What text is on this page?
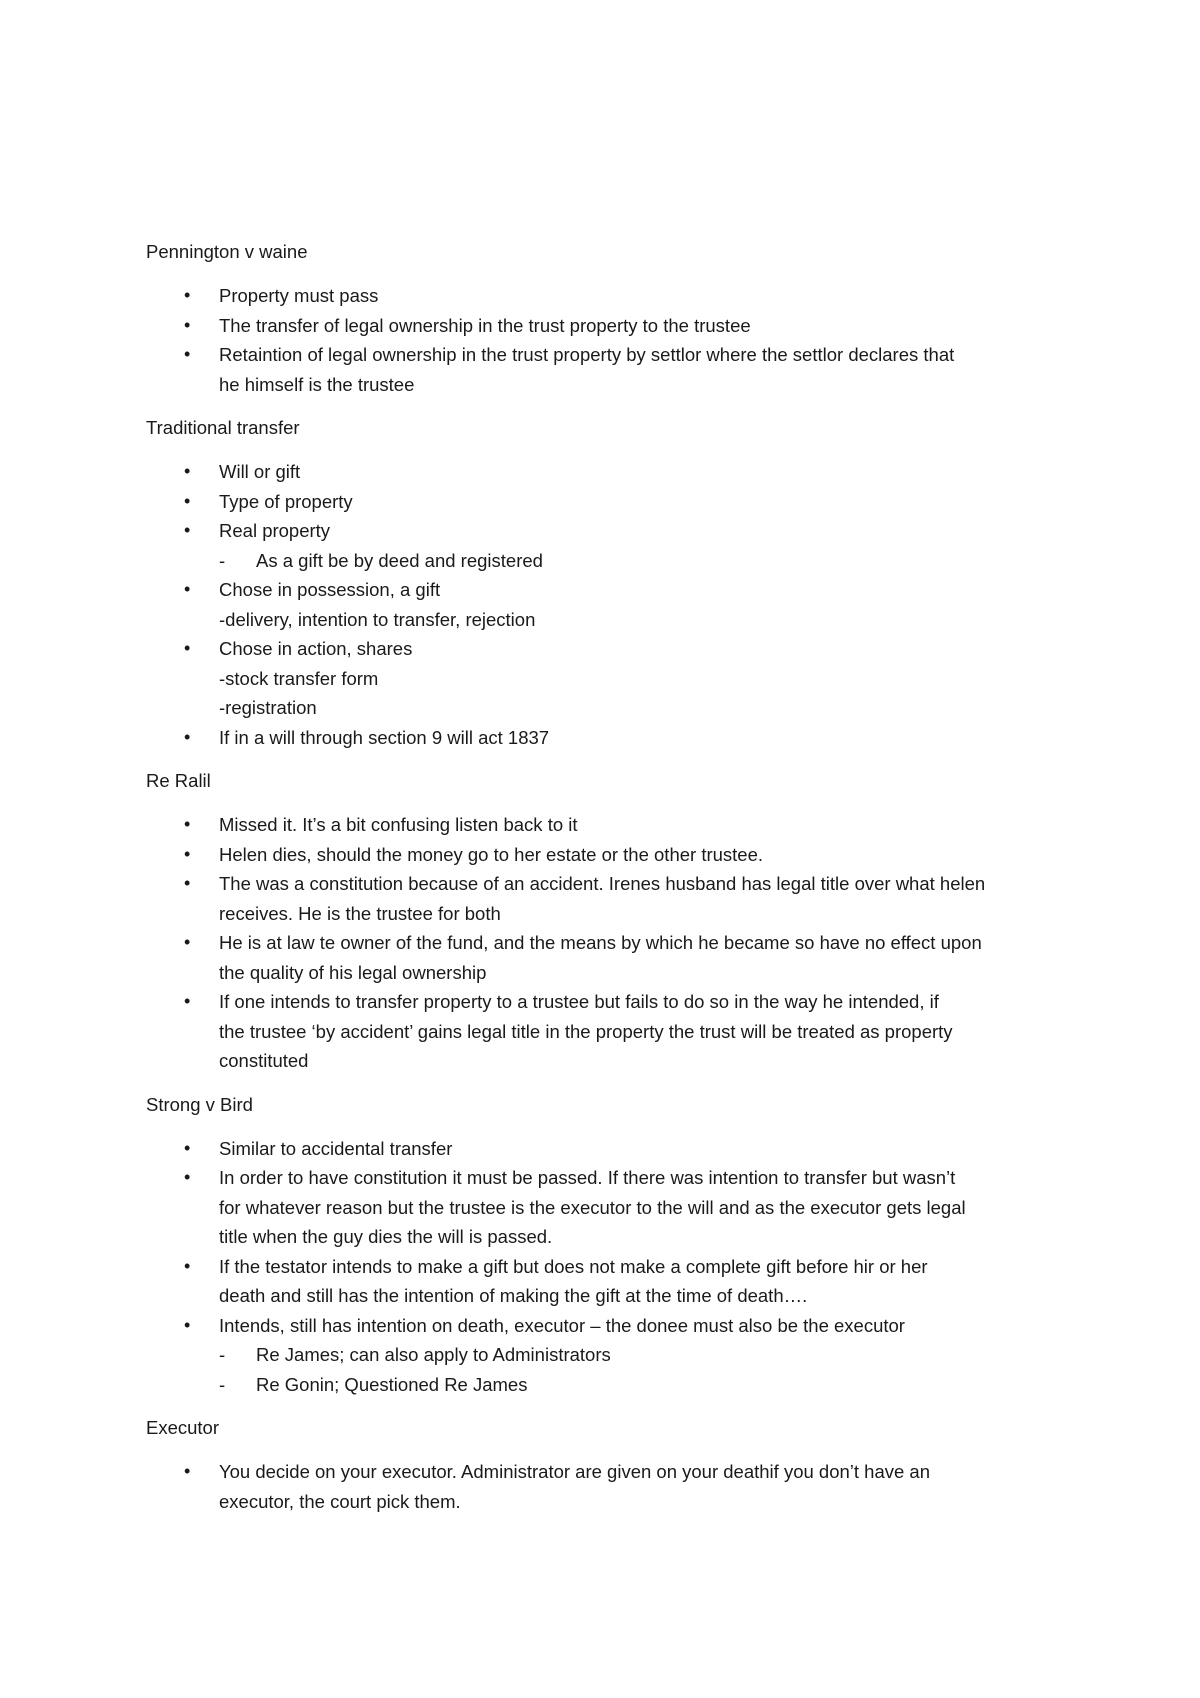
Pennington v waine
• Property must pass
• The transfer of legal ownership in the trust property to the trustee
• Retaintion of legal ownership in the trust property by settlor where the settlor declares that
he himself is the trustee
Traditional transfer
• Will or gift
• Type of property
• Real property
- As a gift be by deed and registered
• Chose in possession, a gift
-delivery, intention to transfer, rejection
• Chose in action, shares
-stock transfer form
-registration
• If in a will through section 9 will act 1837
Re Ralil
• Missed it. It’s a bit confusing listen back to it
• Helen dies, should the money go to her estate or the other trustee.
• The was a constitution because of an accident. Irenes husband has legal title over what helen
receives. He is the trustee for both
• He is at law te owner of the fund, and the means by which he became so have no effect upon
the quality of his legal ownership
• If one intends to transfer property to a trustee but fails to do so in the way he intended, if
the trustee ‘by accident’ gains legal title in the property the trust will be treated as property
constituted
Strong v Bird
• Similar to accidental transfer
• In order to have constitution it must be passed. If there was intention to transfer but wasn’t
for whatever reason but the trustee is the executor to the will and as the executor gets legal
title when the guy dies the will is passed.
• If the testator intends to make a gift but does not make a complete gift before hir or her
death and still has the intention of making the gift at the time of death….
• Intends, still has intention on death, executor – the donee must also be the executor
- Re James; can also apply to Administrators
- Re Gonin; Questioned Re James
Executor
• You decide on your executor. Administrator are given on your deathif you don’t have an
executor, the court pick them.
